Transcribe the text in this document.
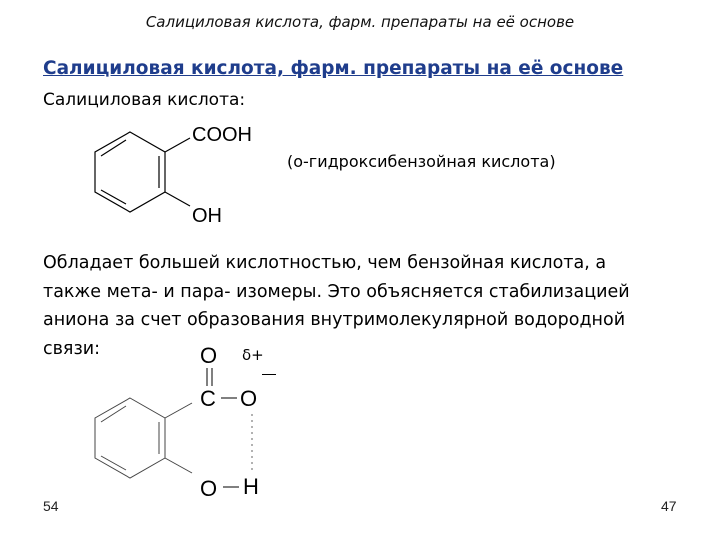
Салициловая кислота, фарм. препараты на её основе
Салициловая кислота, фарм. препараты на её основе
Салициловая кислота:
COOH
OH
(о-гидроксибензойная кислота)
Обладает большей кислотностью, чем бензойная кислота, а
также мета- и пара- изомеры. Это объясняется стабилизацией
аниона за счет образования внутримолекулярной водородной
связи:	O δ+
C O
O H
54	47
